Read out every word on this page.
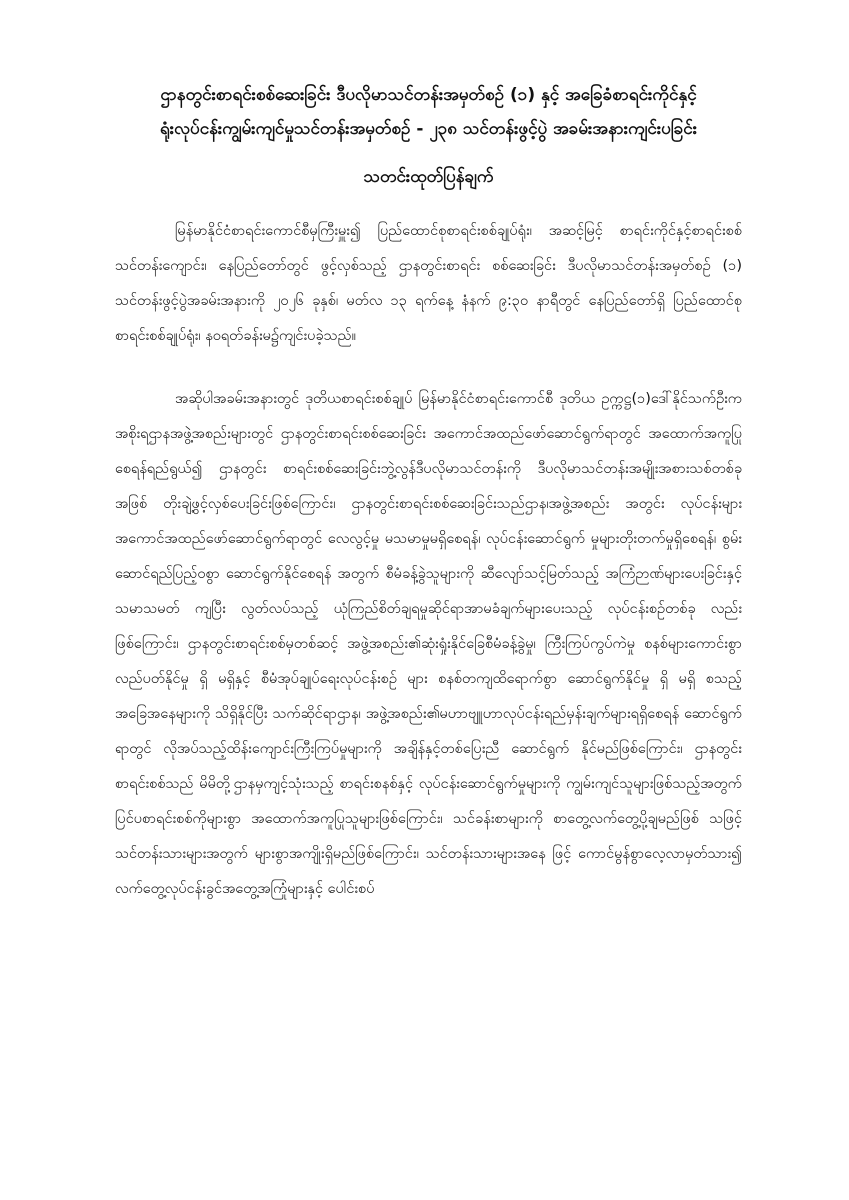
ဌာနတွင်းစာရင်းစစ်ဆေးခြင်း ဒီပလိုမာသင်တန်းအမှတ်စဉ် (၁) နှင့် အခြေခံစာရင်းကိုင်နှင့်
ရုံးလုပ်ငန်းကျွမ်းကျင်မှုသင်တန်းအမှတ်စဉ် - ၂၃၈ သင်တန်းဖွင့်ပွဲ အခမ်းအနားကျင်းပခြင်း
သတင်းထုတ်ပြန်ချက်

မြန်မာနိုင်ငံစာရင်းကောင်စီမှကြီးမှူး၍ ပြည်ထောင်စုစာရင်းစစ်ချုပ်ရုံး၊ အဆင့်မြင့် စာရင်းကိုင်နှင့်စာရင်းစစ်သင်တန်းကျောင်း၊ နေပြည်တော်တွင် ဖွင့်လှစ်သည့် ဌာနတွင်းစာရင်း စစ်ဆေးခြင်း ဒီပလိုမာသင်တန်းအမှတ်စဉ် (၁) သင်တန်းဖွင့်ပွဲအခမ်းအနားကို ၂၀၂၆ ခုနှစ်၊ မတ်လ ၁၃ ရက်နေ့ နံနက် ၉:၃၀ နာရီတွင် နေပြည်တော်ရှိ ပြည်ထောင်စုစာရင်းစစ်ချုပ်ရုံး၊ နဝရတ်ခန်းမ၌ကျင်းပခဲ့သည်။

အဆိုပါအခမ်းအနားတွင် ဒုတိယစာရင်းစစ်ချုပ် မြန်မာနိုင်ငံစာရင်းကောင်စီ ဒုတိယ ဥက္ကဋ္ဌ(၁)ဒေါ်နိုင်သက်ဦးက အစိုးရဌာနအဖွဲ့အစည်းများတွင် ဌာနတွင်းစာရင်းစစ်ဆေးခြင်း အကောင်အထည်ဖော်ဆောင်ရွက်ရာတွင် အထောက်အကူပြုစေရန်ရည်ရွယ်၍ ဌာနတွင်း စာရင်းစစ်ဆေးခြင်းဘွဲ့လွန်ဒီပလိုမာသင်တန်းကို ဒီပလိုမာသင်တန်းအမျိုးအစားသစ်တစ်ခု အဖြစ် တိုးချဲ့ဖွင့်လှစ်ပေးခြင်းဖြစ်ကြောင်း၊ ဌာနတွင်းစာရင်းစစ်ဆေးခြင်းသည်ဌာန၊အဖွဲ့အစည်း အတွင်း လုပ်ငန်းများ အကောင်အထည်ဖော်ဆောင်ရွက်ရာတွင် လေလွင့်မှု မသမာမှုမရှိစေရန်၊ လုပ်ငန်းဆောင်ရွက် မှုများတိုးတက်မှုရှိစေရန်၊ စွမ်းဆောင်ရည်ပြည့်ဝစွာ ဆောင်ရွက်နိုင်စေရန် အတွက် စီမံခန့်ခွဲသူများကို ဆီလျော်သင့်မြတ်သည့် အကြံဉာဏ်များပေးခြင်းနှင့်သမာသမတ် ကျပြီး လွတ်လပ်သည့် ယုံကြည်စိတ်ချရမှုဆိုင်ရာအာမခံချက်များပေးသည့် လုပ်ငန်းစဉ်တစ်ခု လည်း ဖြစ်ကြောင်း၊ ဌာနတွင်းစာရင်းစစ်မှတစ်ဆင့် အဖွဲ့အစည်း၏ဆုံးရှုံးနိုင်ခြေစီမံခန့်ခွဲမှု၊ ကြီးကြပ်ကွပ်ကဲမှု စနစ်များကောင်းစွာလည်ပတ်နိုင်မှု ရှိ မရှိနှင့် စီမံအုပ်ချုပ်ရေးလုပ်ငန်းစဉ် များ စနစ်တကျထိရောက်စွာ ဆောင်ရွက်နိုင်မှု ရှိ မရှိ စသည့်အခြေအနေများကို သိရှိနိုင်ပြီး သက်ဆိုင်ရာဌာန၊ အဖွဲ့အစည်း၏မဟာဗျူဟာလုပ်ငန်းရည်မှန်းချက်များရရှိစေရန် ဆောင်ရွက် ရာတွင် လိုအပ်သည့်ထိန်းကျောင်းကြီးကြပ်မှုများကို အချိန်နှင့်တစ်ပြေးညီ ဆောင်ရွက် နိုင်မည်ဖြစ်ကြောင်း၊ ဌာနတွင်းစာရင်းစစ်သည် မိမိတို့ဌာနမှကျင့်သုံးသည့် စာရင်းစနစ်နှင့် လုပ်ငန်းဆောင်ရွက်မှုများကို ကျွမ်းကျင်သူများဖြစ်သည့်အတွက် ပြင်ပစာရင်းစစ်ကိုများစွာ အထောက်အကူပြုသူများဖြစ်ကြောင်း၊ သင်ခန်းစာများကို စာတွေ့လက်တွေ့ပို့ချမည်ဖြစ် သဖြင့် သင်တန်းသားများအတွက် များစွာအကျိုးရှိမည်ဖြစ်ကြောင်း၊ သင်တန်းသားများအနေ ဖြင့် ကောင်မွန်စွာလေ့လာမှတ်သား၍ လက်တွေ့လုပ်ငန်းခွင်အတွေ့အကြုံများနှင့် ပေါင်းစပ်
